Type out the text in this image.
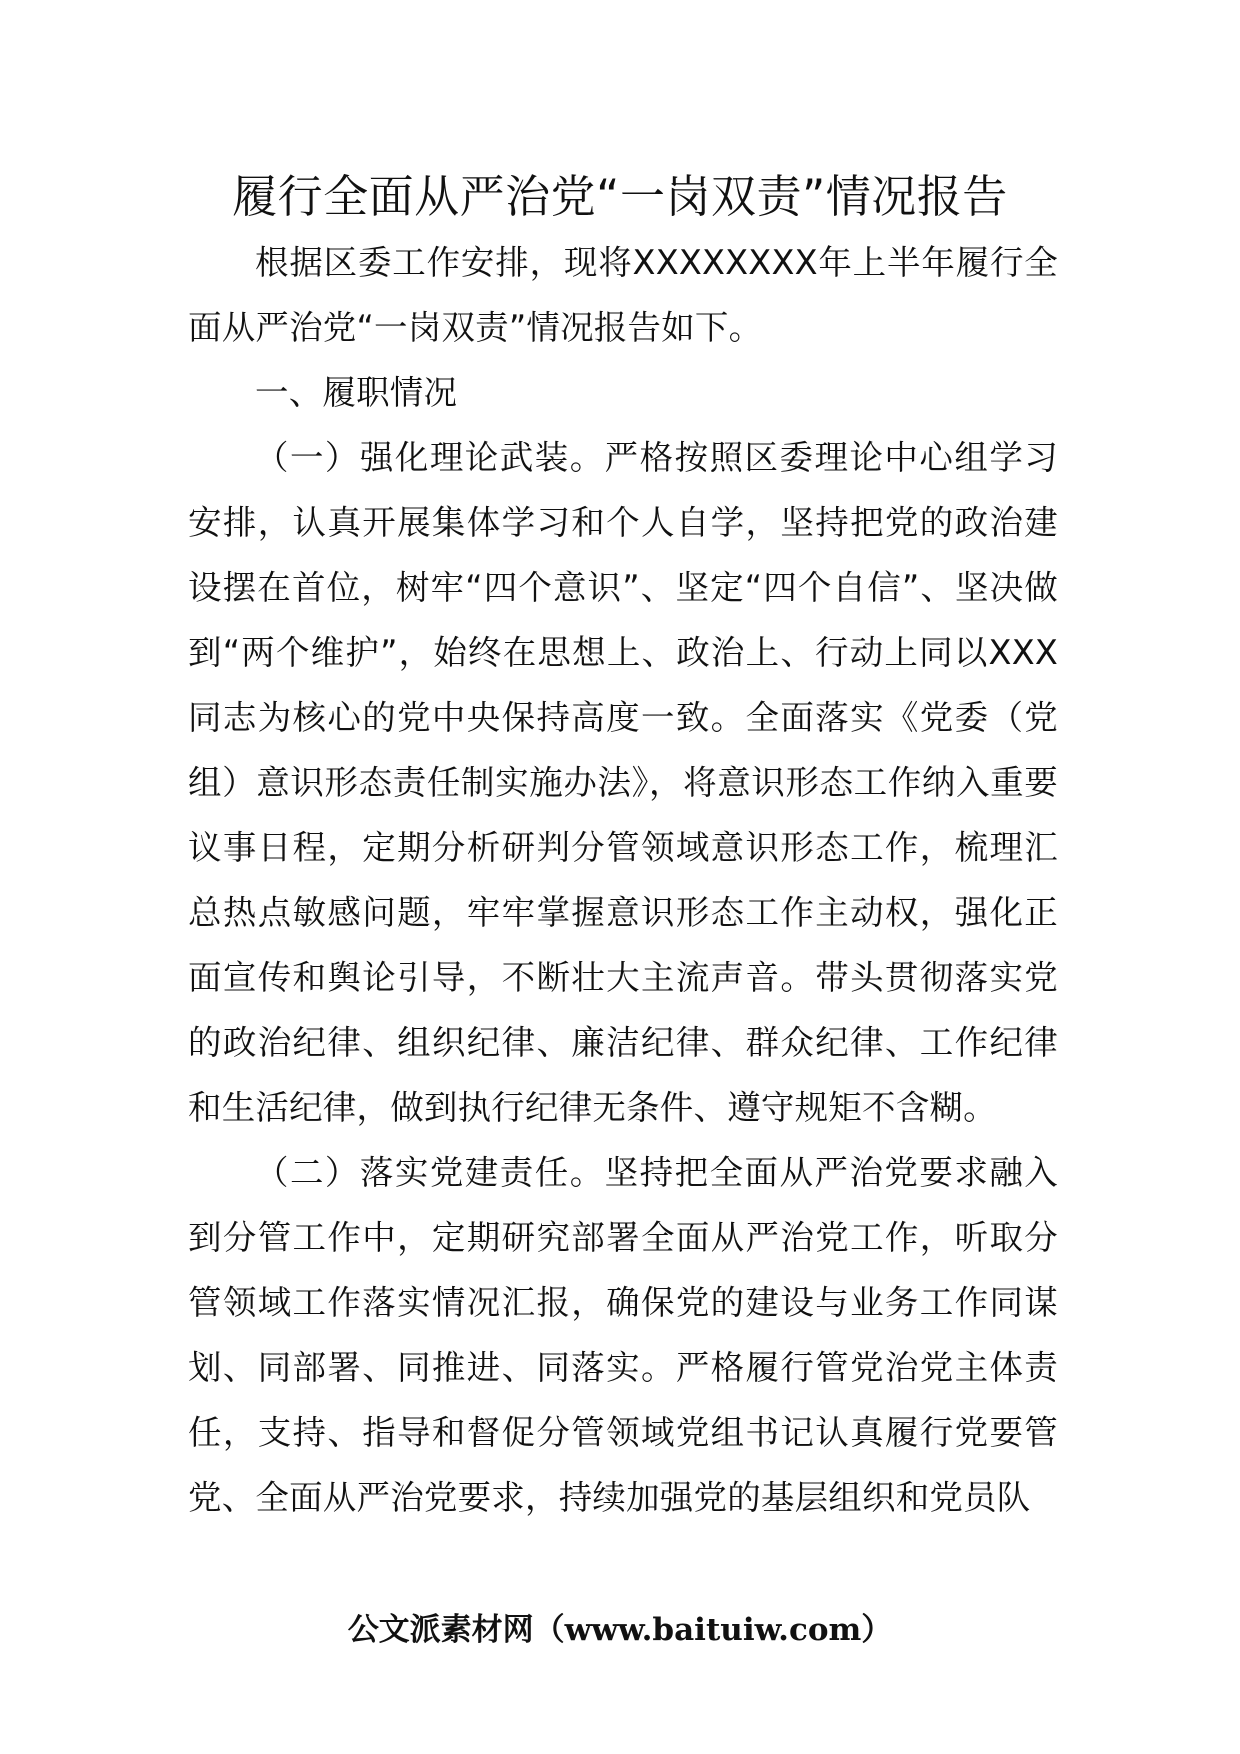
履行全面从严治党“一岗双责”情况报告

根据区委工作安排，现将XXXXXXXX年上半年履行全面从严治党“一岗双责”情况报告如下。

一、履职情况

（一）强化理论武装。严格按照区委理论中心组学习安排，认真开展集体学习和个人自学，坚持把党的政治建设摆在首位，树牢“四个意识”、坚定“四个自信”、坚决做到“两个维护”，始终在思想上、政治上、行动上同以XXX同志为核心的党中央保持高度一致。全面落实《党委（党组）意识形态责任制实施办法》，将意识形态工作纳入重要议事日程，定期分析研判分管领域意识形态工作，梳理汇总热点敏感问题，牢牢掌握意识形态工作主动权，强化正面宣传和舆论引导，不断壮大主流声音。带头贯彻落实党的政治纪律、组织纪律、廉洁纪律、群众纪律、工作纪律和生活纪律，做到执行纪律无条件、遵守规矩不含糊。

（二）落实党建责任。坚持把全面从严治党要求融入到分管工作中，定期研究部署全面从严治党工作，听取分管领域工作落实情况汇报，确保党的建设与业务工作同谋划、同部署、同推进、同落实。严格履行管党治党主体责任，支持、指导和督促分管领域党组书记认真履行党要管党、全面从严治党要求，持续加强党的基层组织和党员队

公文派素材网（www.baituiw.com）
